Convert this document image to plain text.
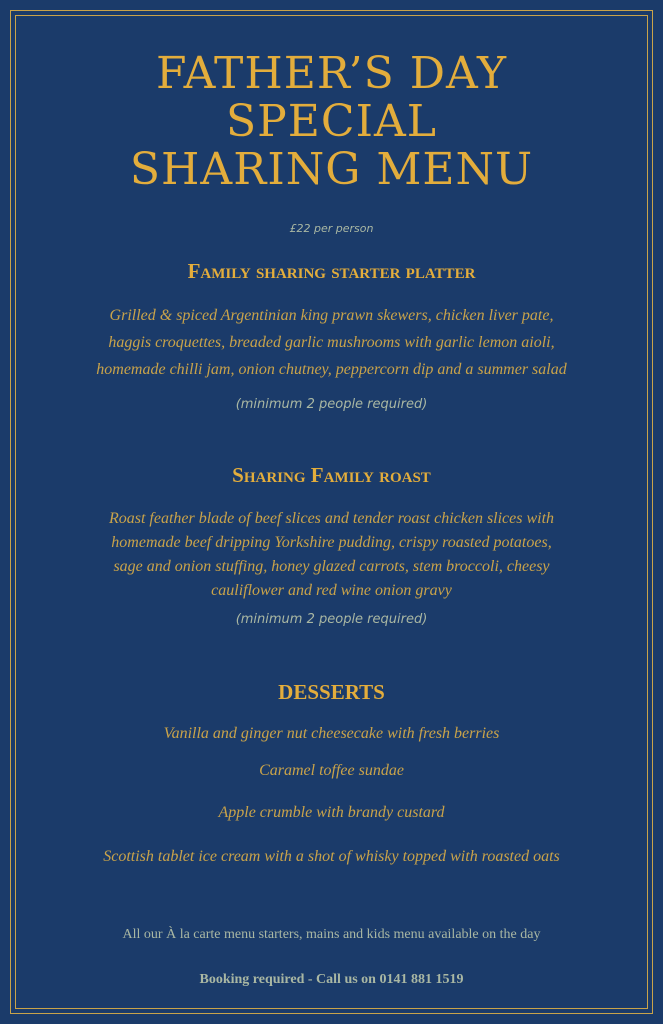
FATHER’S DAY
SPECIAL
SHARING MENU
£22 per person
Family sharing starter platter
Grilled & spiced Argentinian king prawn skewers, chicken liver pate,
haggis croquettes, breaded garlic mushrooms with garlic lemon aioli,
homemade chilli jam, onion chutney, peppercorn dip and a summer salad
(minimum 2 people required)
Sharing Family roast
Roast feather blade of beef slices and tender roast chicken slices with
homemade beef dripping Yorkshire pudding, crispy roasted potatoes,
sage and onion stuffing, honey glazed carrots, stem broccoli, cheesy
cauliflower and red wine onion gravy
(minimum 2 people required)
DESSERTS
Vanilla and ginger nut cheesecake with fresh berries
Caramel toffee sundae
Apple crumble with brandy custard
Scottish tablet ice cream with a shot of whisky topped with roasted oats
All our À la carte menu starters, mains and kids menu available on the day
Booking required - Call us on 0141 881 1519
